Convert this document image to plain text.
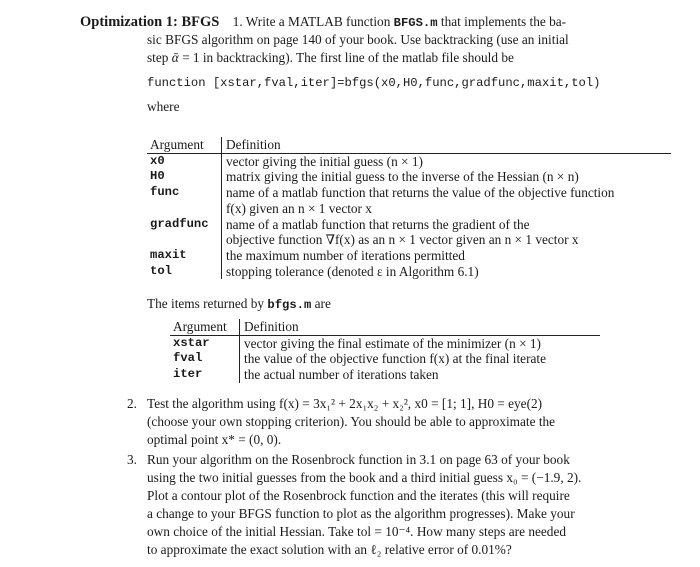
Optimization 1: BFGS 1. Write a MATLAB function BFGS.m that implements the ba-
sic BFGS algorithm on page 140 of your book. Use backtracking (use an initial
step ᾱ = 1 in backtracking). The first line of the matlab file should be
function [xstar,fval,iter]=bfgs(x0,H0,func,gradfunc,maxit,tol)
where
Argument	Definition
x0	vector giving the initial guess (n × 1)
H0	matrix giving the initial guess to the inverse of the Hessian (n × n)
func	name of a matlab function that returns the value of the objective function
f(x) given an n × 1 vector x

gradfunc	name of a matlab function that returns the gradient of the
objective function ∇f(x) as an n × 1 vector given an n × 1 vector x

maxit	the maximum number of iterations permitted
tol	stopping tolerance (denoted ε in Algorithm 6.1)
The items returned by bfgs.m are
Argument	Definition
xstar	vector giving the final estimate of the minimizer (n × 1)
fval	the value of the objective function f(x) at the final iterate
iter	the actual number of iterations taken
2. Test the algorithm using f(x) = 3x₁² + 2x₁x₂ + x₂², x0 = [1; 1], H0 = eye(2)
(choose your own stopping criterion). You should be able to approximate the
optimal point x* = (0, 0).
3. Run your algorithm on the Rosenbrock function in 3.1 on page 63 of your book
using the two initial guesses from the book and a third initial guess x₀ = (−1.9, 2).
Plot a contour plot of the Rosenbrock function and the iterates (this will require
a change to your BFGS function to plot as the algorithm progresses). Make your
own choice of the initial Hessian. Take tol = 10⁻⁴. How many steps are needed
to approximate the exact solution with an ℓ₂ relative error of 0.01%?
